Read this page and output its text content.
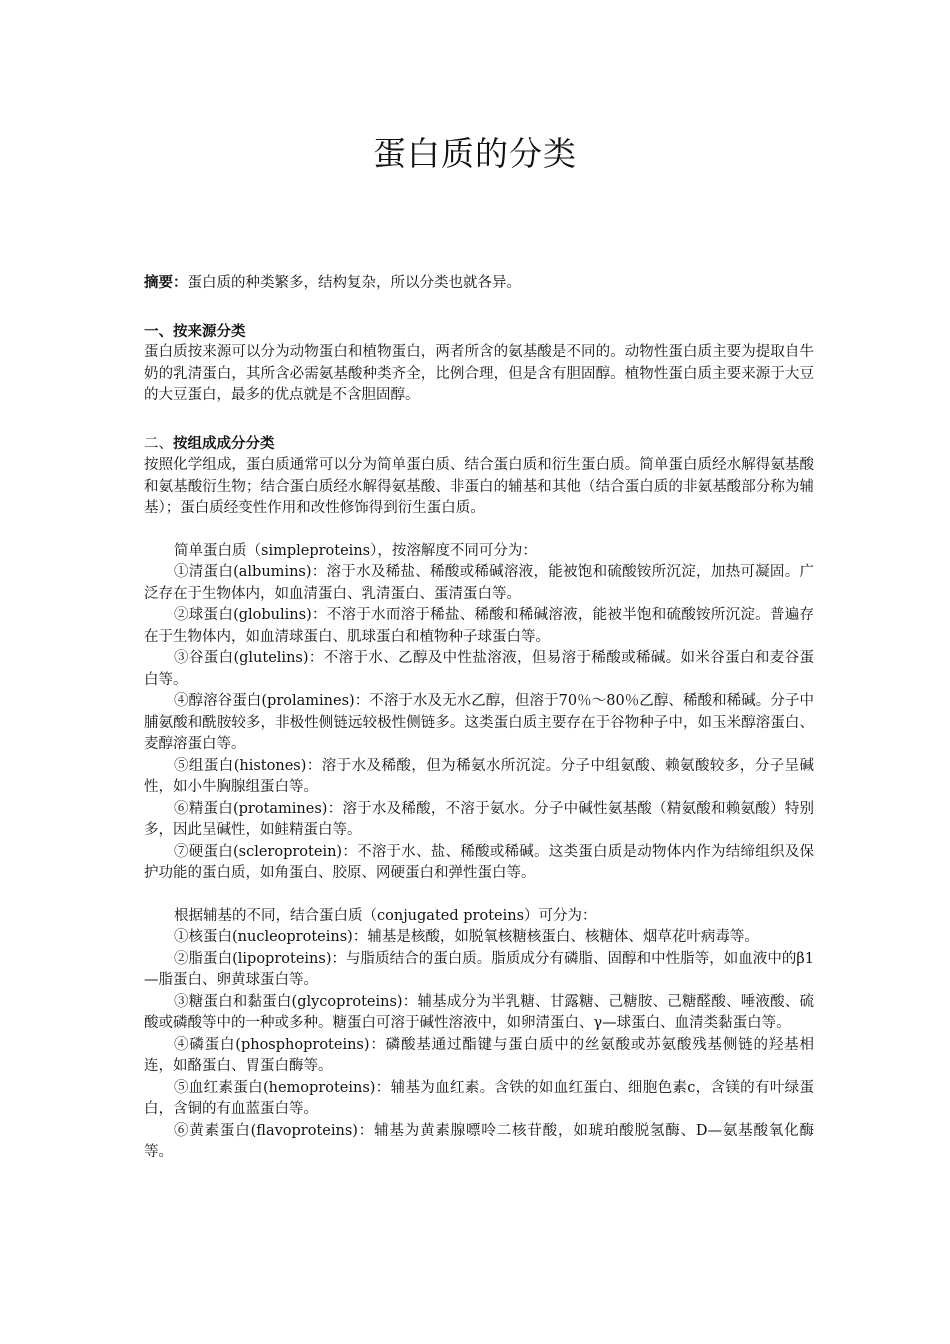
蛋白质的分类

摘要：蛋白质的种类繁多，结构复杂，所以分类也就各异。

一、按来源分类

蛋白质按来源可以分为动物蛋白和植物蛋白，两者所含的氨基酸是不同的。动物性蛋白质主要为提取自牛奶的乳清蛋白，其所含必需氨基酸种类齐全，比例合理，但是含有胆固醇。植物性蛋白质主要来源于大豆的大豆蛋白，最多的优点就是不含胆固醇。

二、按组成成分分类

按照化学组成，蛋白质通常可以分为简单蛋白质、结合蛋白质和衍生蛋白质。简单蛋白质经水解得氨基酸和氨基酸衍生物；结合蛋白质经水解得氨基酸、非蛋白的辅基和其他（结合蛋白质的非氨基酸部分称为辅基）；蛋白质经变性作用和改性修饰得到衍生蛋白质。

简单蛋白质（simpleproteins），按溶解度不同可分为：

①清蛋白(albumins)：溶于水及稀盐、稀酸或稀碱溶液，能被饱和硫酸铵所沉淀，加热可凝固。广泛存在于生物体内，如血清蛋白、乳清蛋白、蛋清蛋白等。

②球蛋白(globulins)：不溶于水而溶于稀盐、稀酸和稀碱溶液，能被半饱和硫酸铵所沉淀。普遍存在于生物体内，如血清球蛋白、肌球蛋白和植物种子球蛋白等。

③谷蛋白(glutelins)：不溶于水、乙醇及中性盐溶液，但易溶于稀酸或稀碱。如米谷蛋白和麦谷蛋白等。

④醇溶谷蛋白(prolamines)：不溶于水及无水乙醇，但溶于70％～80％乙醇、稀酸和稀碱。分子中脯氨酸和酰胺较多，非极性侧链远较极性侧链多。这类蛋白质主要存在于谷物种子中，如玉米醇溶蛋白、麦醇溶蛋白等。

⑤组蛋白(histones)：溶于水及稀酸，但为稀氨水所沉淀。分子中组氨酸、赖氨酸较多，分子呈碱性，如小牛胸腺组蛋白等。

⑥精蛋白(protamines)：溶于水及稀酸，不溶于氨水。分子中碱性氨基酸（精氨酸和赖氨酸）特别多，因此呈碱性，如鲑精蛋白等。

⑦硬蛋白(scleroprotein)：不溶于水、盐、稀酸或稀碱。这类蛋白质是动物体内作为结缔组织及保护功能的蛋白质，如角蛋白、胶原、网硬蛋白和弹性蛋白等。

根据辅基的不同，结合蛋白质（conjugated proteins）可分为：

①核蛋白(nucleoproteins)：辅基是核酸，如脱氧核糖核蛋白、核糖体、烟草花叶病毒等。

②脂蛋白(lipoproteins)：与脂质结合的蛋白质。脂质成分有磷脂、固醇和中性脂等，如血液中的β1—脂蛋白、卵黄球蛋白等。

③糖蛋白和黏蛋白(glycoproteins)：辅基成分为半乳糖、甘露糖、己糖胺、己糖醛酸、唾液酸、硫酸或磷酸等中的一种或多种。糖蛋白可溶于碱性溶液中，如卵清蛋白、γ—球蛋白、血清类黏蛋白等。

④磷蛋白(phosphoproteins)：磷酸基通过酯键与蛋白质中的丝氨酸或苏氨酸残基侧链的羟基相连，如酪蛋白、胃蛋白酶等。

⑤血红素蛋白(hemoproteins)：辅基为血红素。含铁的如血红蛋白、细胞色素c，含镁的有叶绿蛋白，含铜的有血蓝蛋白等。

⑥黄素蛋白(flavoproteins)：辅基为黄素腺嘌呤二核苷酸，如琥珀酸脱氢酶、D—氨基酸氧化酶等。
